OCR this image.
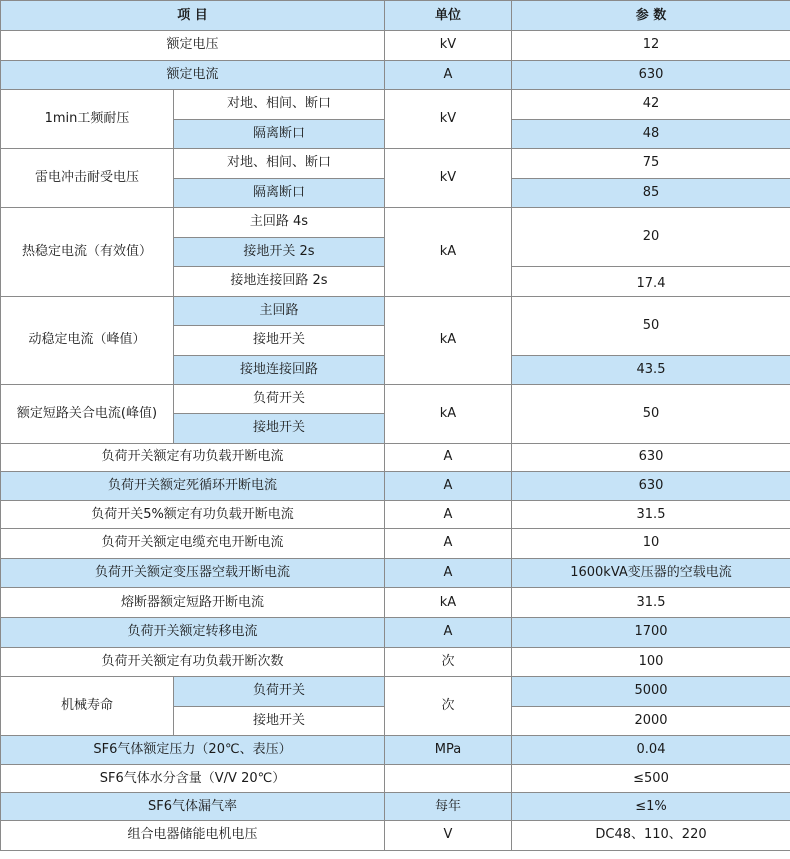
项 目		单位	参 数
额定电压		kV	12
额定电流		A	630
1min工频耐压	对地、相间、断口	kV	42
	隔离断口		48
雷电冲击耐受电压	对地、相间、断口	kV	75
	隔离断口		85
热稳定电流（有效值）	主回路 4s	kA	20
	接地开关 2s		
	接地连接回路 2s		17.4
动稳定电流（峰值）	主回路	kA	50
	接地开关		
	接地连接回路		43.5
额定短路关合电流(峰值)	负荷开关	kA	50
	接地开关		
负荷开关额定有功负载开断电流		A	630
负荷开关额定死循环开断电流		A	630
负荷开关5%额定有功负载开断电流		A	31.5
负荷开关额定电缆充电开断电流		A	10
负荷开关额定变压器空载开断电流		A	1600kVA变压器的空载电流
熔断器额定短路开断电流		kA	31.5
负荷开关额定转移电流		A	1700
负荷开关额定有功负载开断次数		次	100
机械寿命	负荷开关	次	5000
	接地开关		2000
SF6气体额定压力（20℃、表压）		MPa	0.04
SF6气体水分含量（V/V 20℃）			≤500
SF6气体漏气率		每年	≤1%
组合电器储能电机电压		V	DC48、110、220
